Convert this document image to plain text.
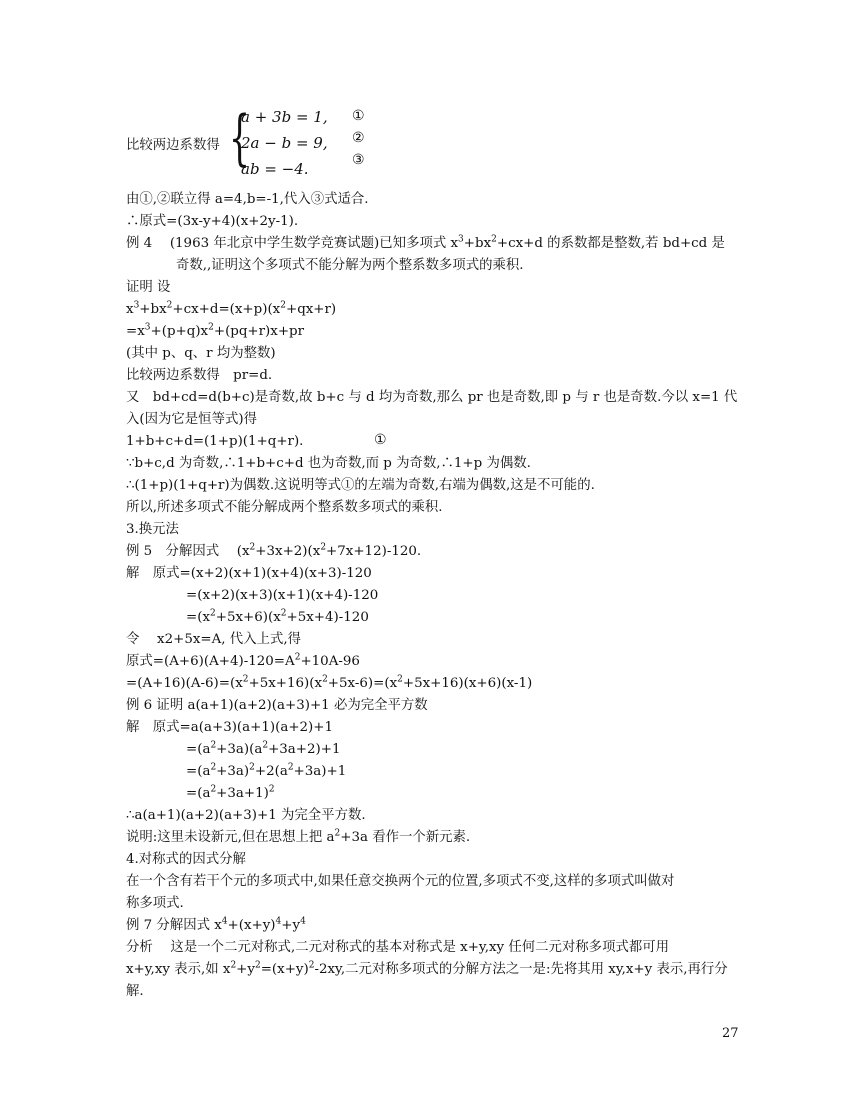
比较两边系数得 {
a + 3b = 1,
2a − b = 9,
ab = −4.
①
②
③
由①,②联立得 a=4,b=-1,代入③式适合.
∴原式=(3x-y+4)(x+2y-1).
例 4　 (1963 年北京中学生数学竞赛试题)已知多项式 $x^3+bx^2+cx+d$ 的系数都是整数,若 bd+cd 是
奇数,,证明这个多项式不能分解为两个整系数多项式的乘积.
证明 设
$x^3+bx^2+cx+d=(x+p)(x^2+qx+r)$
$=x^3+(p+q)x^2+(pq+r)x+pr$
(其中 p、q、r 均为整数)
比较两边系数得　pr=d.
又　bd+cd=d(b+c)是奇数,故 b+c 与 d 均为奇数,那么 pr 也是奇数,即 p 与 r 也是奇数.今以 x=1 代
入(因为它是恒等式)得
1+b+c+d=(1+p)(1+q+r).	①
∵b+c,d 为奇数,∴1+b+c+d 也为奇数,而 p 为奇数,∴1+p 为偶数.
∴(1+p)(1+q+r)为偶数.这说明等式①的左端为奇数,右端为偶数,这是不可能的.
所以,所述多项式不能分解成两个整系数多项式的乘积.
3.换元法
例 5　分解因式　 $(x^2+3x+2)(x^2+7x+12)-120$.
解　原式=(x+2)(x+1)(x+4)(x+3)-120
=(x+2)(x+3)(x+1)(x+4)-120
$=(x^2+5x+6)(x^2+5x+4)-120$
令　 x2+5x=A, 代入上式,得
原式$=(A+6)(A+4)-120=A^2+10A-96$
$=(A+16)(A-6)=(x^2+5x+16)(x^2+5x-6)=(x^2+5x+16)(x+6)(x-1)$
例 6 证明 a(a+1)(a+2)(a+3)+1 必为完全平方数
解　原式=a(a+3)(a+1)(a+2)+1
$=(a^2+3a)(a^2+3a+2)+1$
$=(a^2+3a)^2+2(a^2+3a)+1$
$=(a^2+3a+1)^2$
∴a(a+1)(a+2)(a+3)+1 为完全平方数.
说明:这里未设新元,但在思想上把 $a^2+3a$ 看作一个新元素.
4.对称式的因式分解
在一个含有若干个元的多项式中,如果任意交换两个元的位置,多项式不变,这样的多项式叫做对
称多项式.
例 7 分解因式 $x^4+(x+y)^4+y^4$
分析　 这是一个二元对称式,二元对称式的基本对称式是 x+y,xy 任何二元对称多项式都可用
x+y,xy 表示,如 $x^2+y^2=(x+y)^2-2xy$,二元对称多项式的分解方法之一是:先将其用 xy,x+y 表示,再行分
解.
27
